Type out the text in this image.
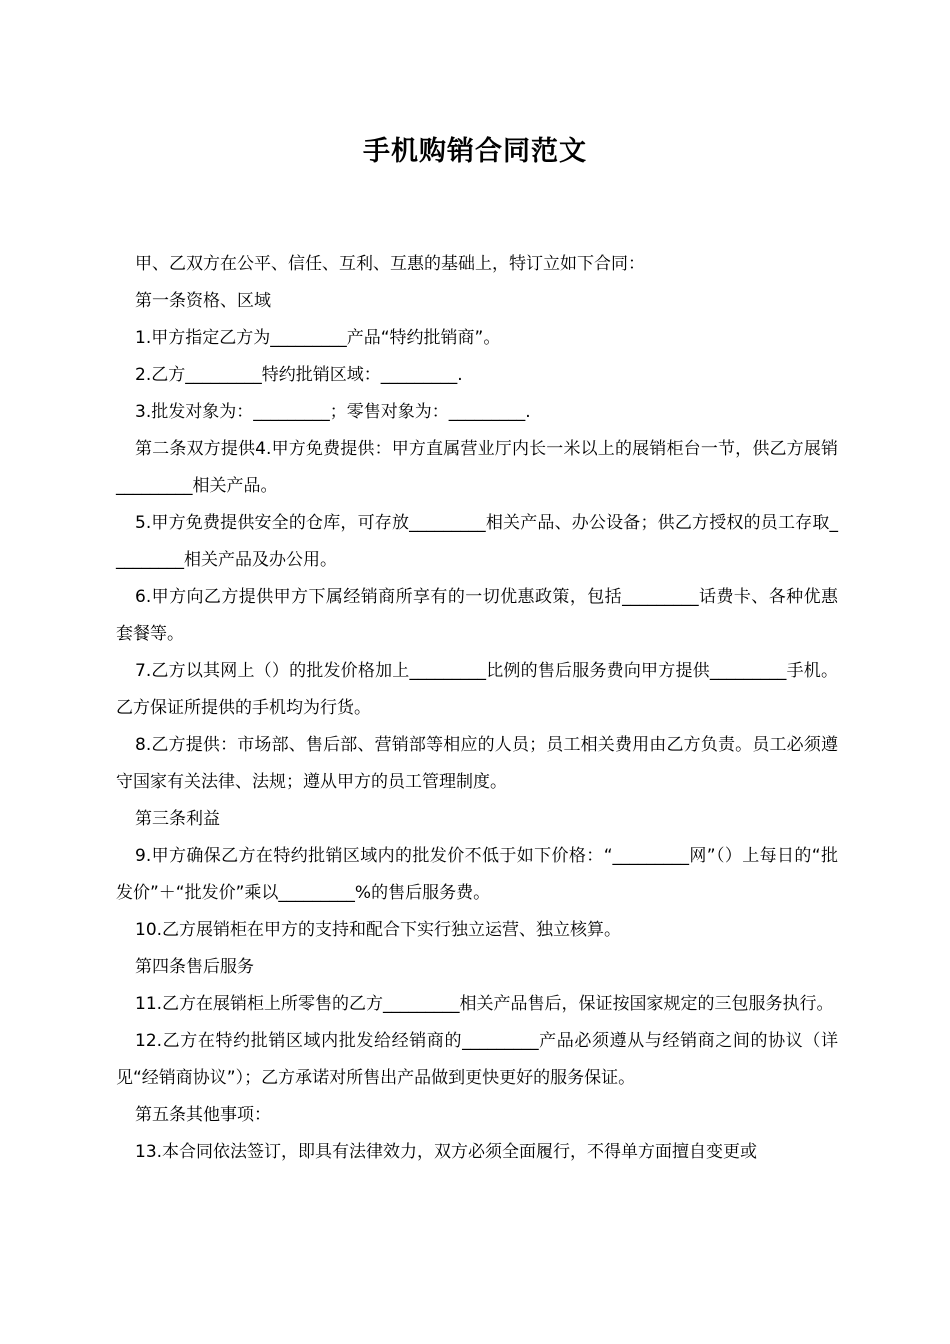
手机购销合同范文

甲、乙双方在公平、信任、互利、互惠的基础上，特订立如下合同：

第一条资格、区域

1.甲方指定乙方为_________产品“特约批销商”。

2.乙方_________特约批销区域：_________.

3.批发对象为：_________；零售对象为：_________.

第二条双方提供4.甲方免费提供：甲方直属营业厅内长一米以上的展销柜台一节，供乙方展销_________相关产品。

5.甲方免费提供安全的仓库，可存放_________相关产品、办公设备；供乙方授权的员工存取_________相关产品及办公用。

6.甲方向乙方提供甲方下属经销商所享有的一切优惠政策，包括_________话费卡、各种优惠套餐等。

7.乙方以其网上（）的批发价格加上_________比例的售后服务费向甲方提供_________手机。乙方保证所提供的手机均为行货。

8.乙方提供：市场部、售后部、营销部等相应的人员；员工相关费用由乙方负责。员工必须遵守国家有关法律、法规；遵从甲方的员工管理制度。

第三条利益

9.甲方确保乙方在特约批销区域内的批发价不低于如下价格：“_________网”（）上每日的“批发价”＋“批发价”乘以_________%的售后服务费。

10.乙方展销柜在甲方的支持和配合下实行独立运营、独立核算。

第四条售后服务

11.乙方在展销柜上所零售的乙方_________相关产品售后，保证按国家规定的三包服务执行。

12.乙方在特约批销区域内批发给经销商的_________产品必须遵从与经销商之间的协议（详见“经销商协议”）；乙方承诺对所售出产品做到更快更好的服务保证。

第五条其他事项：

13.本合同依法签订，即具有法律效力，双方必须全面履行，不得单方面擅自变更或
